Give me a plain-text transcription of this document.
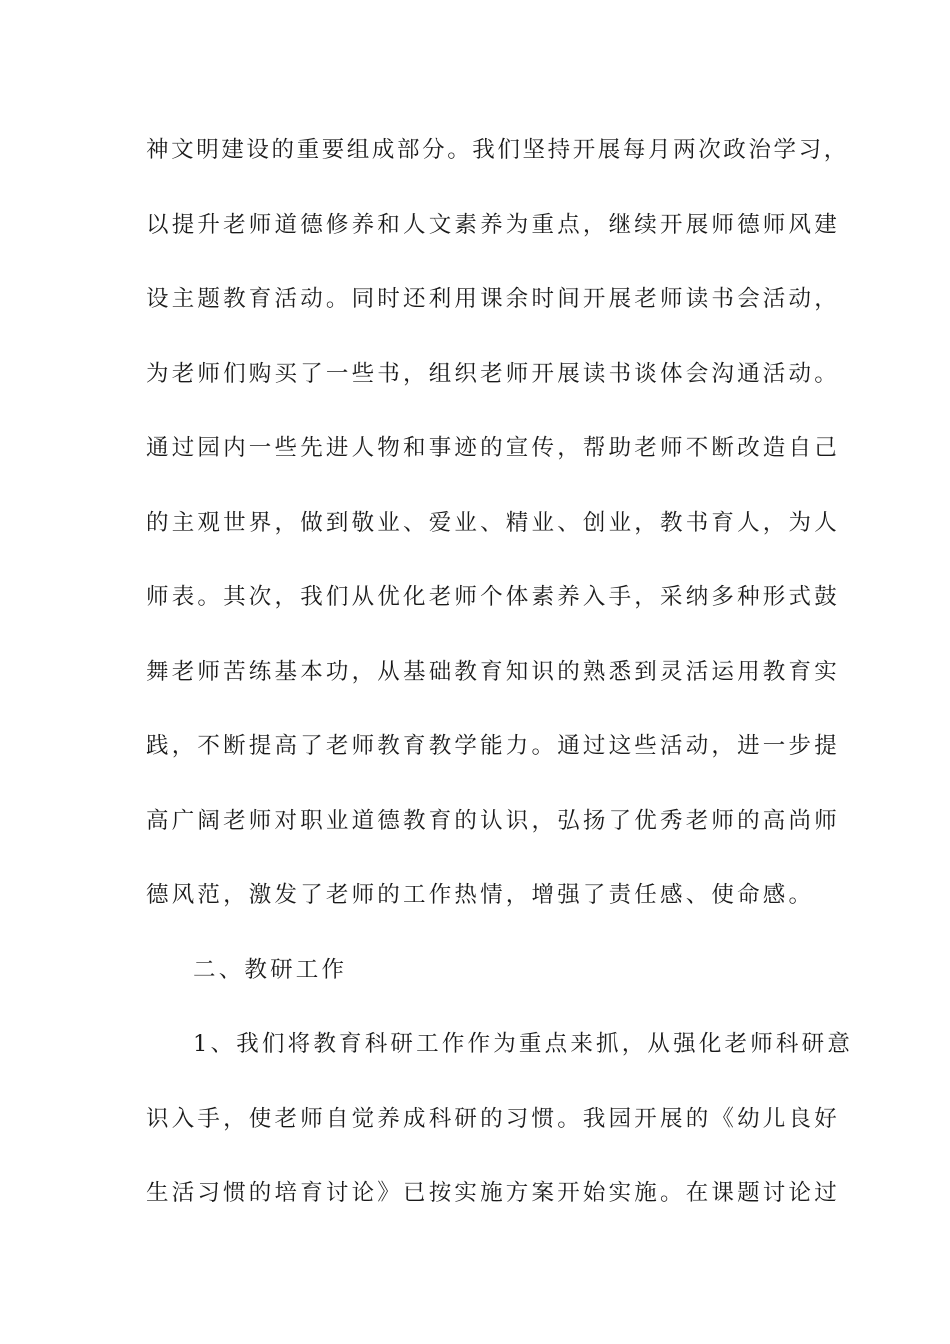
神文明建设的重要组成部分。我们坚持开展每月两次政治学习，
以提升老师道德修养和人文素养为重点，继续开展师德师风建
设主题教育活动。同时还利用课余时间开展老师读书会活动，
为老师们购买了一些书，组织老师开展读书谈体会沟通活动。
通过园内一些先进人物和事迹的宣传，帮助老师不断改造自己
的主观世界，做到敬业、爱业、精业、创业，教书育人，为人
师表。其次，我们从优化老师个体素养入手，采纳多种形式鼓
舞老师苦练基本功，从基础教育知识的熟悉到灵活运用教育实
践，不断提高了老师教育教学能力。通过这些活动，进一步提
高广阔老师对职业道德教育的认识，弘扬了优秀老师的高尚师
德风范，激发了老师的工作热情，增强了责任感、使命感。
二、教研工作
1、我们将教育科研工作作为重点来抓，从强化老师科研意
识入手，使老师自觉养成科研的习惯。我园开展的《幼儿良好
生活习惯的培育讨论》已按实施方案开始实施。在课题讨论过
